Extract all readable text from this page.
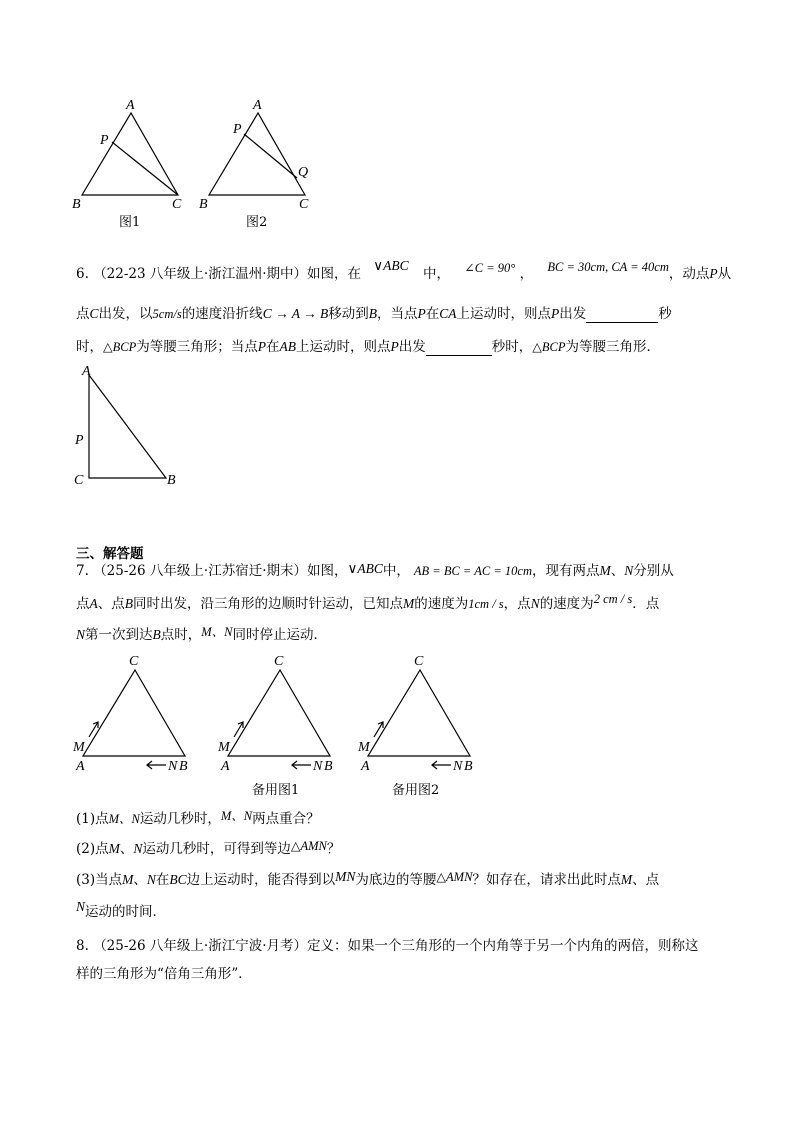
A
P
B	C
图1
A
P
Q
B	C
图2
A
P
C	B
C
M
A	N B
C
M
A	N B
C
M
A	N B
备用图1	备用图2
6. （22-23 八年级上·浙江温州·期中）如图，在 ∨ABC 中， ∠C = 90° ， BC = 30cm, CA = 40cm，动点P从
点C出发，以5cm/s的速度沿折线C → A → B移动到B，当点P在CA上运动时，则点P出发	秒
时，△BCP为等腰三角形；当点P在AB上运动时，则点P出发	秒时，△BCP为等腰三角形．
三、解答题
7. （25-26 八年级上·江苏宿迁·期末）如图，∨ABC中， AB = BC = AC = 10cm，现有两点M、N分别从
点A、点B同时出发，沿三角形的边顺时针运动，已知点M的速度为1cm / s，点N的速度为2 cm / s．点
N第一次到达B点时，M、N同时停止运动．
(1)点M、N运动几秒时，M、N两点重合？
(2)点M、N运动几秒时，可得到等边△AMN？
(3)当点M、N在BC边上运动时，能否得到以MN为底边的等腰△AMN？如存在，请求出此时点M、点
N运动的时间．
8. （25-26 八年级上·浙江宁波·月考）定义：如果一个三角形的一个内角等于另一个内角的两倍，则称这
样的三角形为“倍角三角形”．
